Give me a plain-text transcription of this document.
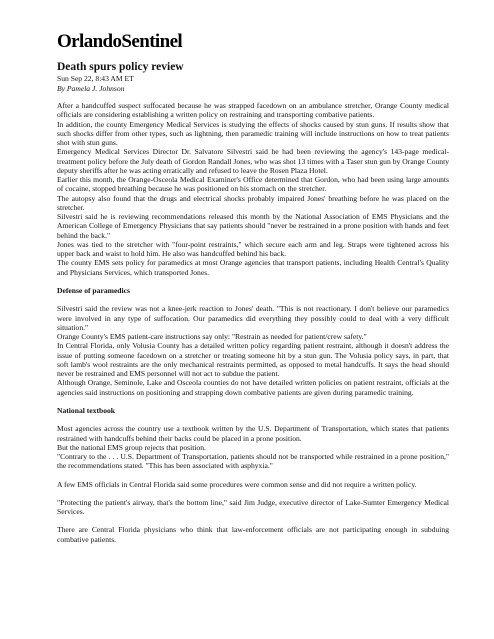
OrlandoSentinel

Death spurs policy review

Sun Sep 22, 8:43 AM ET

By Pamela J. Johnson

After a handcuffed suspect suffocated because he was strapped facedown on an ambulance stretcher, Orange County medical officials are considering establishing a written policy on restraining and transporting combative patients.

In addition, the county Emergency Medical Services is studying the effects of shocks caused by stun guns. If results show that such shocks differ from other types, such as lightning, then paramedic training will include instructions on how to treat patients shot with stun guns.

Emergency Medical Services Director Dr. Salvatore Silvestri said he had been reviewing the agency's 143-page medical-treatment policy before the July death of Gordon Randall Jones, who was shot 13 times with a Taser stun gun by Orange County deputy sheriffs after he was acting erratically and refused to leave the Rosen Plaza Hotel.

Earlier this month, the Orange-Osceola Medical Examiner's Office determined that Gordon, who had been using large amounts of cocaine, stopped breathing because he was positioned on his stomach on the stretcher.

The autopsy also found that the drugs and electrical shocks probably impaired Jones' breathing before he was placed on the stretcher.

Silvestri said he is reviewing recommendations released this month by the National Association of EMS Physicians and the American College of Emergency Physicians that say patients should "never be restrained in a prone position with hands and feet behind the back."

Jones was tied to the stretcher with "four-point restraints," which secure each arm and leg. Straps were tightened across his upper back and waist to hold him. He also was handcuffed behind his back.

The county EMS sets policy for paramedics at most Orange agencies that transport patients, including Health Central's Quality and Physicians Services, which transported Jones.

Defense of paramedics

Silvestri said the review was not a knee-jerk reaction to Jones' death. "This is not reactionary. I don't believe our paramedics were involved in any type of suffocation. Our paramedics did everything they possibly could to deal with a very difficult situation."

Orange County's EMS patient-care instructions say only: "Restrain as needed for patient/crew safety."

In Central Florida, only Volusia County has a detailed written policy regarding patient restraint, although it doesn't address the issue of putting someone facedown on a stretcher or treating someone hit by a stun gun. The Volusia policy says, in part, that soft lamb's wool restraints are the only mechanical restraints permitted, as opposed to metal handcuffs. It says the head should never be restrained and EMS personnel will not act to subdue the patient.

Although Orange, Seminole, Lake and Osceola counties do not have detailed written policies on patient restraint, officials at the agencies said instructions on positioning and strapping down combative patients are given during paramedic training.

National textbook

Most agencies across the country use a textbook written by the U.S. Department of Transportation, which states that patients restrained with handcuffs behind their backs could be placed in a prone position.

But the national EMS group rejects that position.

"Contrary to the . . . U.S. Department of Transportation, patients should not be transported while restrained in a prone position," the recommendations stated. "This has been associated with asphyxia."

A few EMS officials in Central Florida said some procedures were common sense and did not require a written policy.

"Protecting the patient's airway, that's the bottom line," said Jim Judge, executive director of Lake-Sumter Emergency Medical Services.

There are Central Florida physicians who think that law-enforcement officials are not participating enough in subduing combative patients.
